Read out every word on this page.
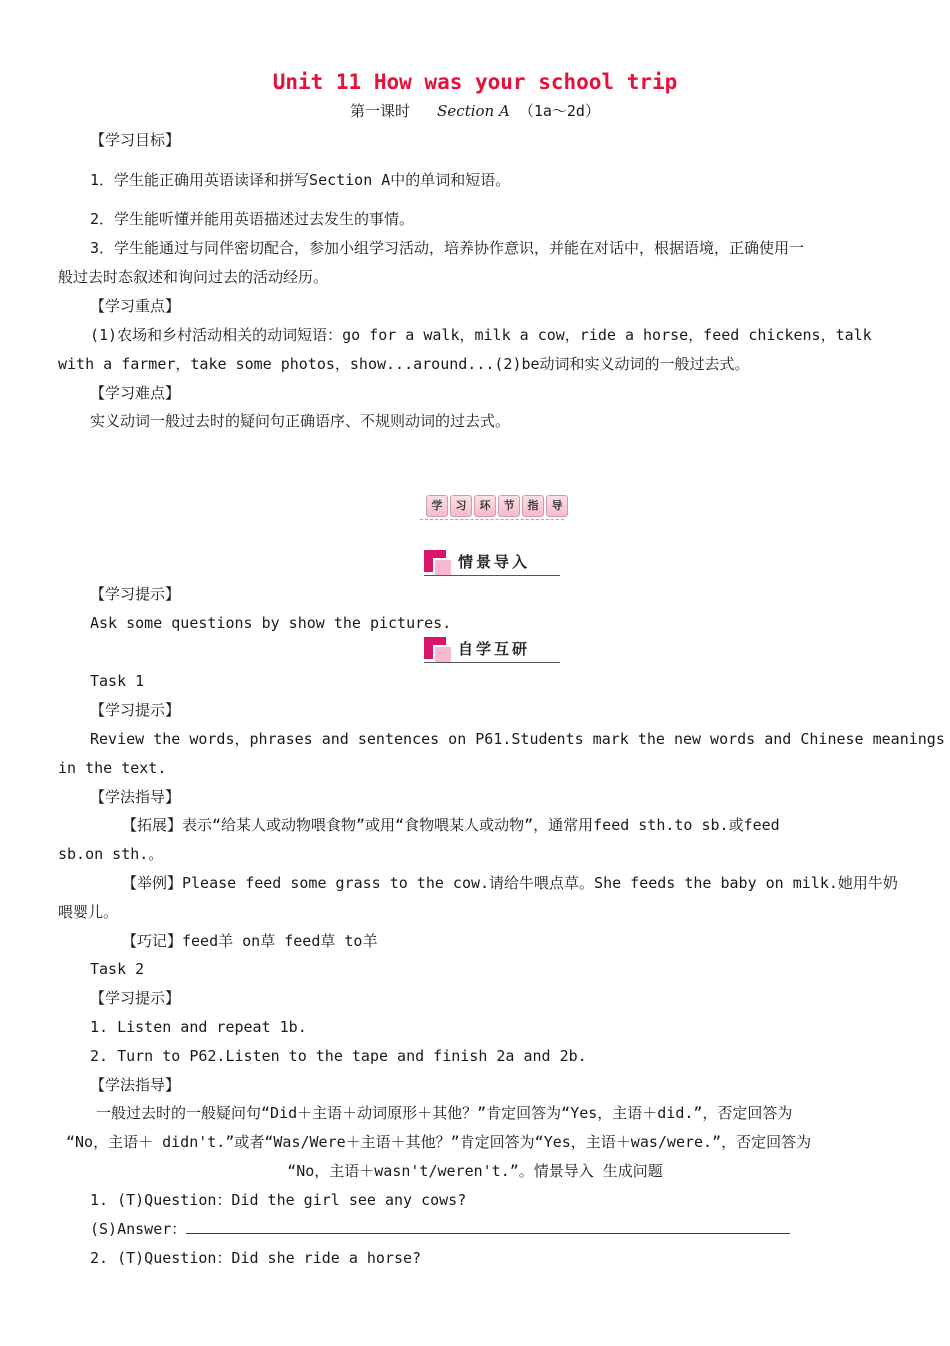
Unit 11 How was your school trip
第一课时 Section A （1a～2d）
【学习目标】
1．学生能正确用英语读译和拼写Section A中的单词和短语。
2．学生能听懂并能用英语描述过去发生的事情。
3．学生能通过与同伴密切配合，参加小组学习活动，培养协作意识，并能在对话中，根据语境，正确使用一
般过去时态叙述和询问过去的活动经历。
【学习重点】
(1)农场和乡村活动相关的动词短语：go for a walk，milk a cow，ride a horse，feed chickens，talk
with a farmer，take some photos，show...around...(2)be动词和实义动词的一般过去式。
【学习难点】
实义动词一般过去时的疑问句正确语序、不规则动词的过去式。
学	习	环	节	指	导
情景导入
【学习提示】
Ask some questions by show the pictures.
自学互研
Task 1
【学习提示】
Review the words，phrases and sentences on P61.Students mark the new words and Chinese meanings
in the text.
【学法指导】
【拓展】表示“给某人或动物喂食物”或用“食物喂某人或动物”，通常用feed sth.to sb.或feed
sb.on sth.。
【举例】Please feed some grass to the cow.请给牛喂点草。She feeds the baby on milk.她用牛奶
喂婴儿。
【巧记】feed羊 on草 feed草 to羊
Task 2
【学习提示】
1. Listen and repeat 1b.
2. Turn to P62.Listen to the tape and finish 2a and 2b.
【学法指导】
一般过去时的一般疑问句“Did＋主语＋动词原形＋其他？”肯定回答为“Yes，主语＋did.”，否定回答为
“No，主语＋ didn't.”或者“Was/Were＋主语＋其他？”肯定回答为“Yes，主语＋was/were.”，否定回答为
“No，主语＋wasn't/weren't.”。情景导入 生成问题
1. (T)Question：Did the girl see any cows?
(S)Answer：
2. (T)Question：Did she ride a horse?
